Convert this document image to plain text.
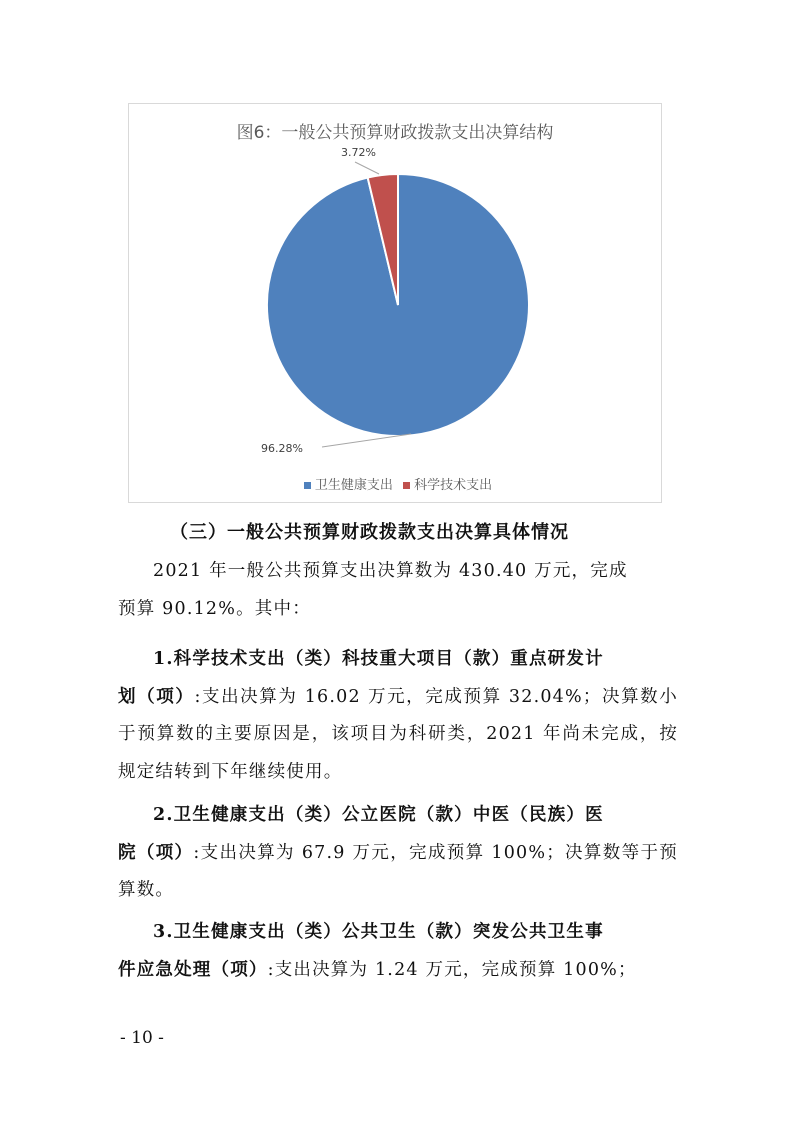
图6：一般公共预算财政拨款支出决算结构
3.72%
96.28%
卫生健康支出 科学技术支出
（三）一般公共预算财政拨款支出决算具体情况
2021 年一般公共预算支出决算数为 430.40 万元，完成
预算 90.12%。其中：
1.科学技术支出（类）科技重大项目（款）重点研发计
划（项）:支出决算为 16.02 万元，完成预算 32.04%；决算数小于预算数的主要原因是，该项目为科研类，2021 年尚未完成，按规定结转到下年继续使用。
2.卫生健康支出（类）公立医院（款）中医（民族）医
院（项）:支出决算为 67.9 万元，完成预算 100%；决算数等于预算数。
3.卫生健康支出（类）公共卫生（款）突发公共卫生事
件应急处理（项）:支出决算为 1.24 万元，完成预算 100%；
- 10 -
